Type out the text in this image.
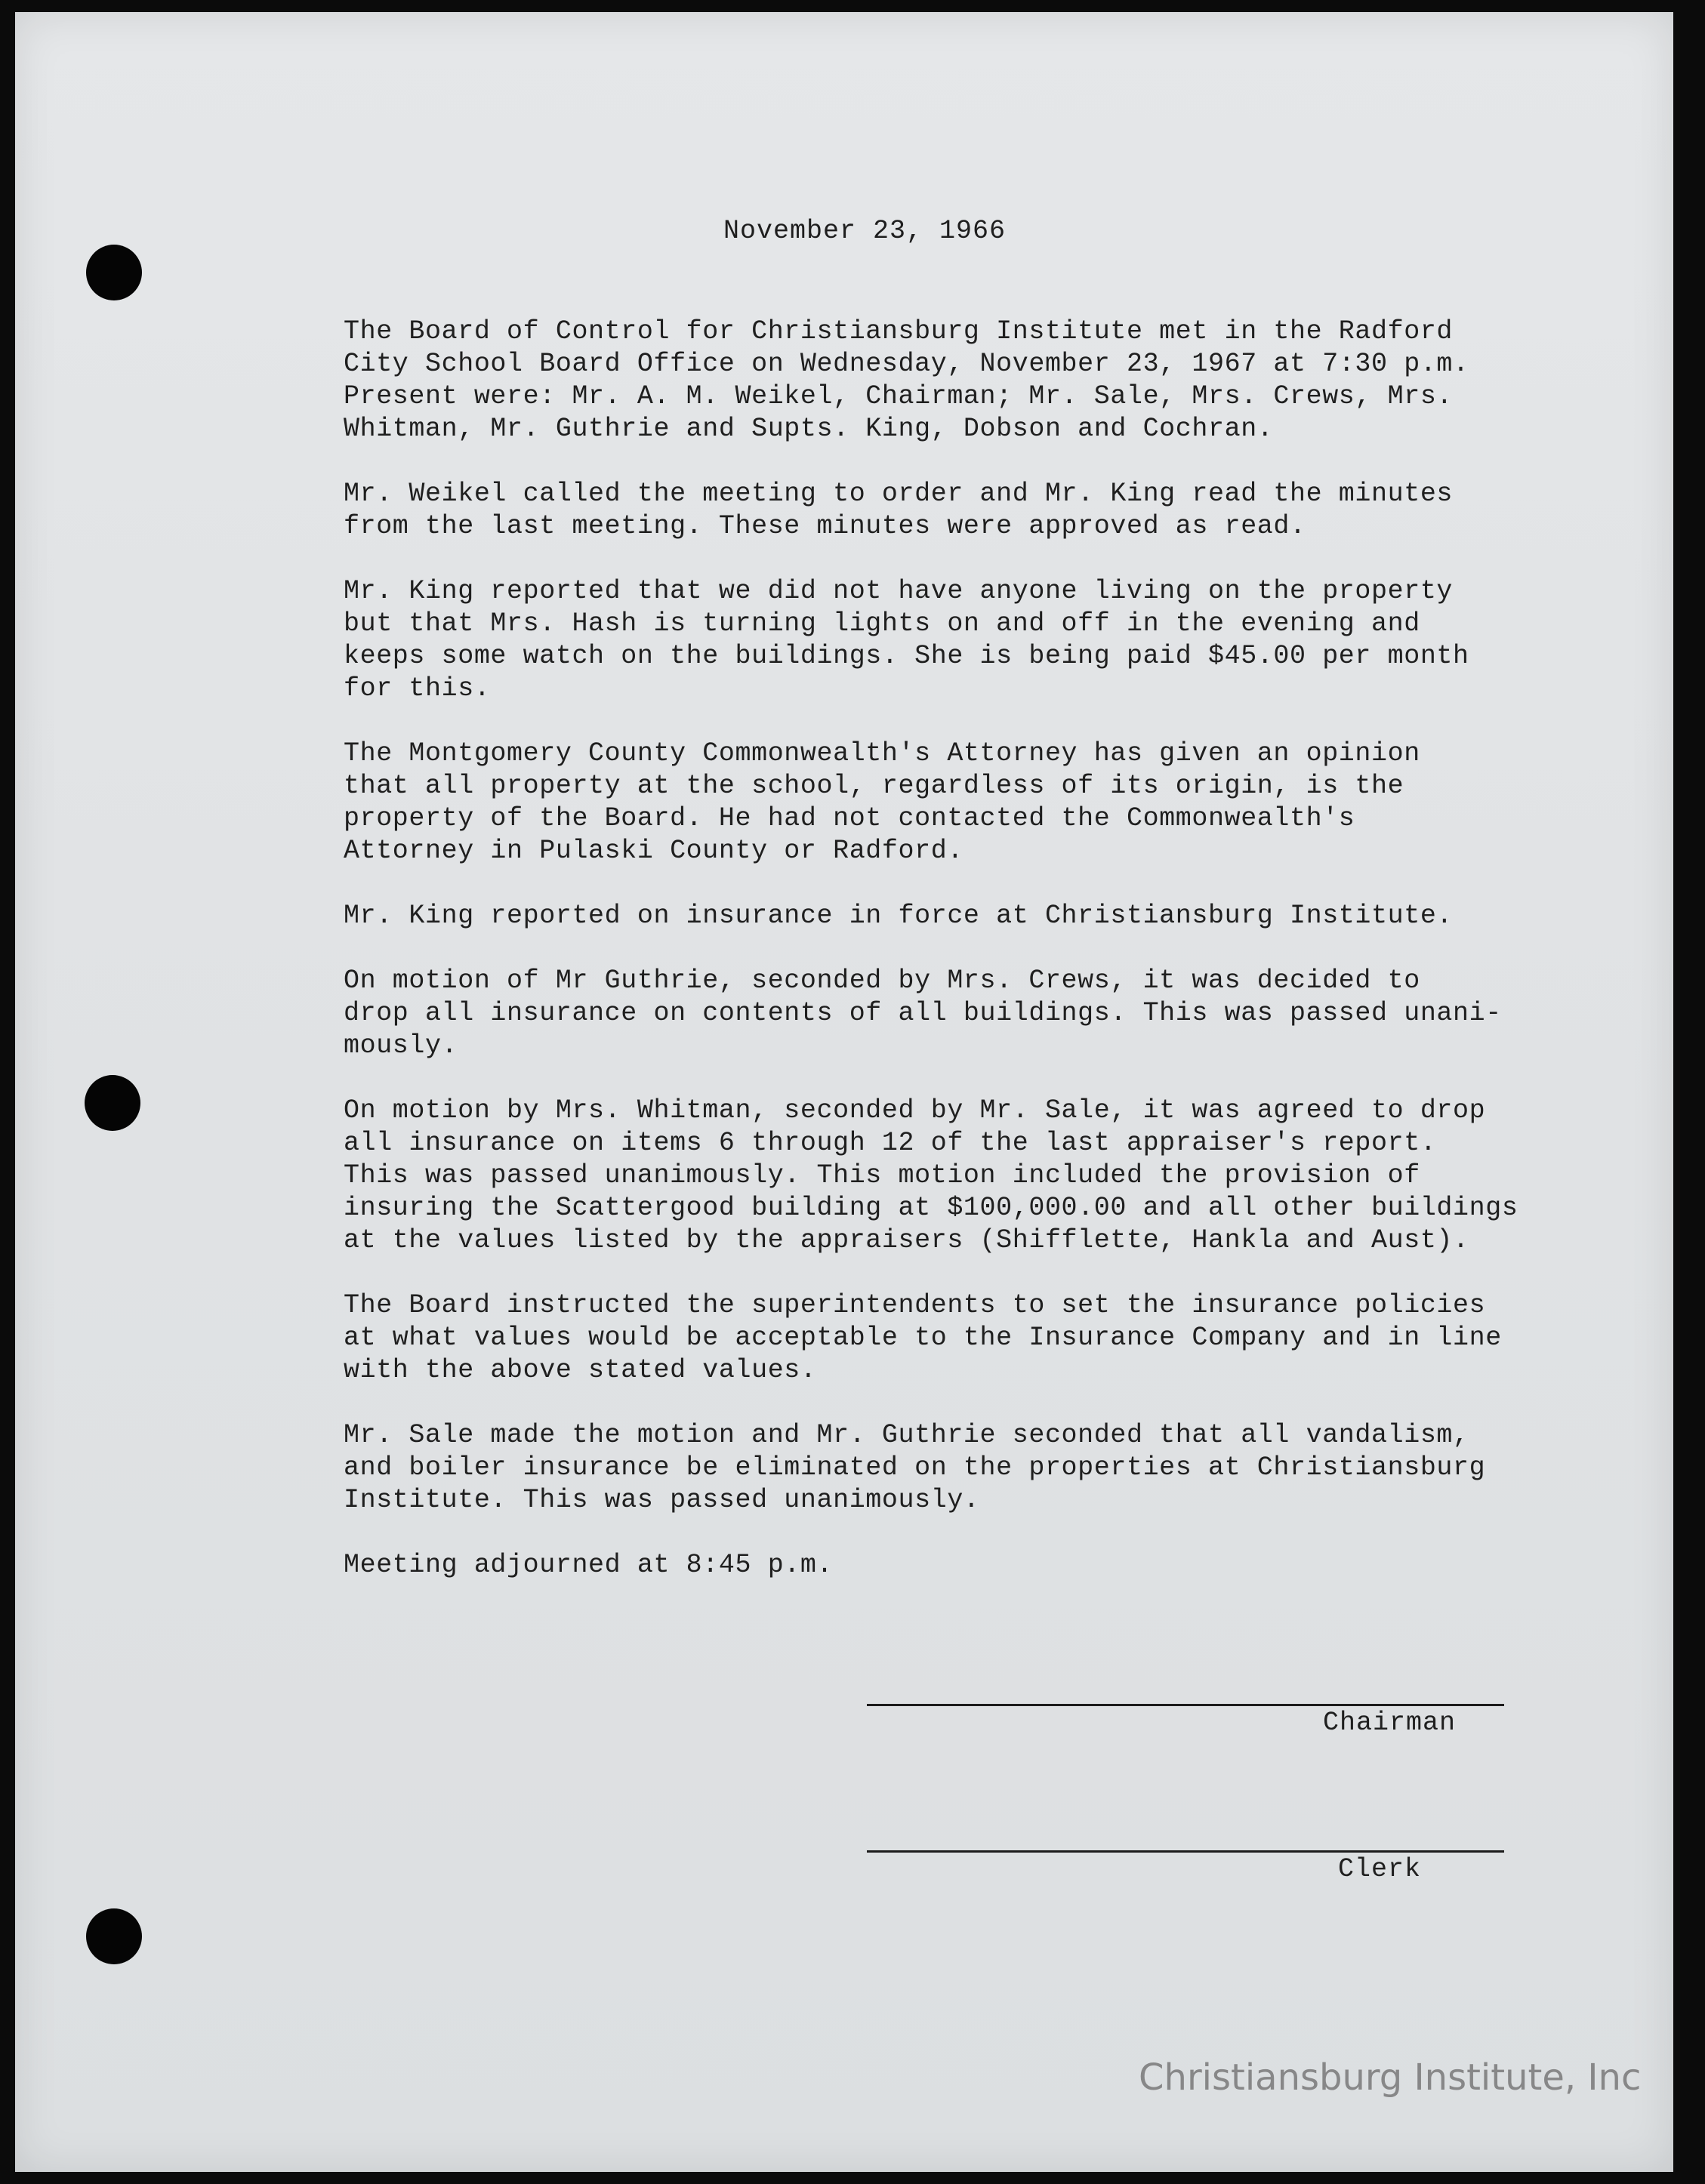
November 23, 1966

The Board of Control for Christiansburg Institute met in the Radford
City School Board Office on Wednesday, November 23, 1967 at 7:30 p.m.
Present were: Mr. A. M. Weikel, Chairman; Mr. Sale, Mrs. Crews, Mrs.
Whitman, Mr. Guthrie and Supts. King, Dobson and Cochran.

Mr. Weikel called the meeting to order and Mr. King read the minutes
from the last meeting. These minutes were approved as read.

Mr. King reported that we did not have anyone living on the property
but that Mrs. Hash is turning lights on and off in the evening and
keeps some watch on the buildings. She is being paid $45.00 per month
for this.

The Montgomery County Commonwealth's Attorney has given an opinion
that all property at the school, regardless of its origin, is the
property of the Board. He had not contacted the Commonwealth's
Attorney in Pulaski County or Radford.

Mr. King reported on insurance in force at Christiansburg Institute.

On motion of Mr Guthrie, seconded by Mrs. Crews, it was decided to
drop all insurance on contents of all buildings. This was passed unani-
mously.

On motion by Mrs. Whitman, seconded by Mr. Sale, it was agreed to drop
all insurance on items 6 through 12 of the last appraiser's report.
This was passed unanimously. This motion included the provision of
insuring the Scattergood building at $100,000.00 and all other buildings
at the values listed by the appraisers (Shifflette, Hankla and Aust).

The Board instructed the superintendents to set the insurance policies
at what values would be acceptable to the Insurance Company and in line
with the above stated values.

Mr. Sale made the motion and Mr. Guthrie seconded that all vandalism,
and boiler insurance be eliminated on the properties at Christiansburg
Institute. This was passed unanimously.

Meeting adjourned at 8:45 p.m.

Chairman
Clerk
Christiansburg Institute, Inc
